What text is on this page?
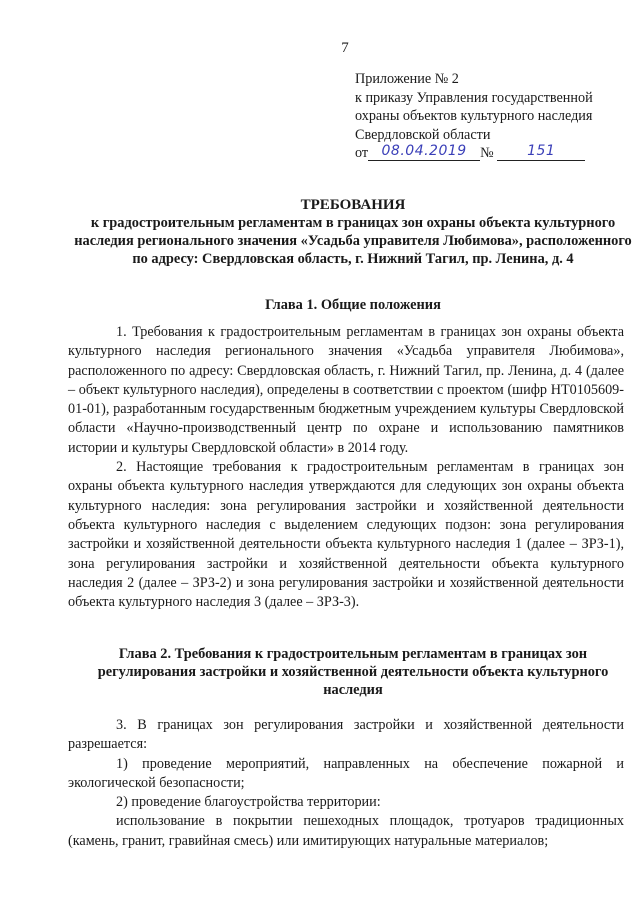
7
Приложение № 2
к приказу Управления государственной
охраны объектов культурного наследия
Свердловской области
от 08.04.2019 № 151
ТРЕБОВАНИЯ
к градостроительным регламентам в границах зон охраны объекта культурного наследия регионального значения «Усадьба управителя Любимова», расположенного по адресу: Свердловская область, г. Нижний Тагил, пр. Ленина, д. 4
Глава 1. Общие положения

1. Требования к градостроительным регламентам в границах зон охраны объекта культурного наследия регионального значения «Усадьба управителя Любимова», расположенного по адресу: Свердловская область, г. Нижний Тагил, пр. Ленина, д. 4 (далее – объект культурного наследия), определены в соответствии с проектом (шифр НТ0105609-01-01), разработанным государственным бюджетным учреждением культуры Свердловской области «Научно-производственный центр по охране и использованию памятников истории и культуры Свердловской области» в 2014 году.

2. Настоящие требования к градостроительным регламентам в границах зон охраны объекта культурного наследия утверждаются для следующих зон охраны объекта культурного наследия: зона регулирования застройки и хозяйственной деятельности объекта культурного наследия с выделением следующих подзон: зона регулирования застройки и хозяйственной деятельности объекта культурного наследия 1 (далее – ЗРЗ-1), зона регулирования застройки и хозяйственной деятельности объекта культурного наследия 2 (далее – ЗРЗ-2) и зона регулирования застройки и хозяйственной деятельности объекта культурного наследия 3 (далее – ЗРЗ-3).

Глава 2. Требования к градостроительным регламентам в границах зон регулирования застройки и хозяйственной деятельности объекта культурного наследия

3. В границах зон регулирования застройки и хозяйственной деятельности разрешается:

1) проведение мероприятий, направленных на обеспечение пожарной и экологической безопасности;

2) проведение благоустройства территории:

использование в покрытии пешеходных площадок, тротуаров традиционных (камень, гранит, гравийная смесь) или имитирующих натуральные материалов;
